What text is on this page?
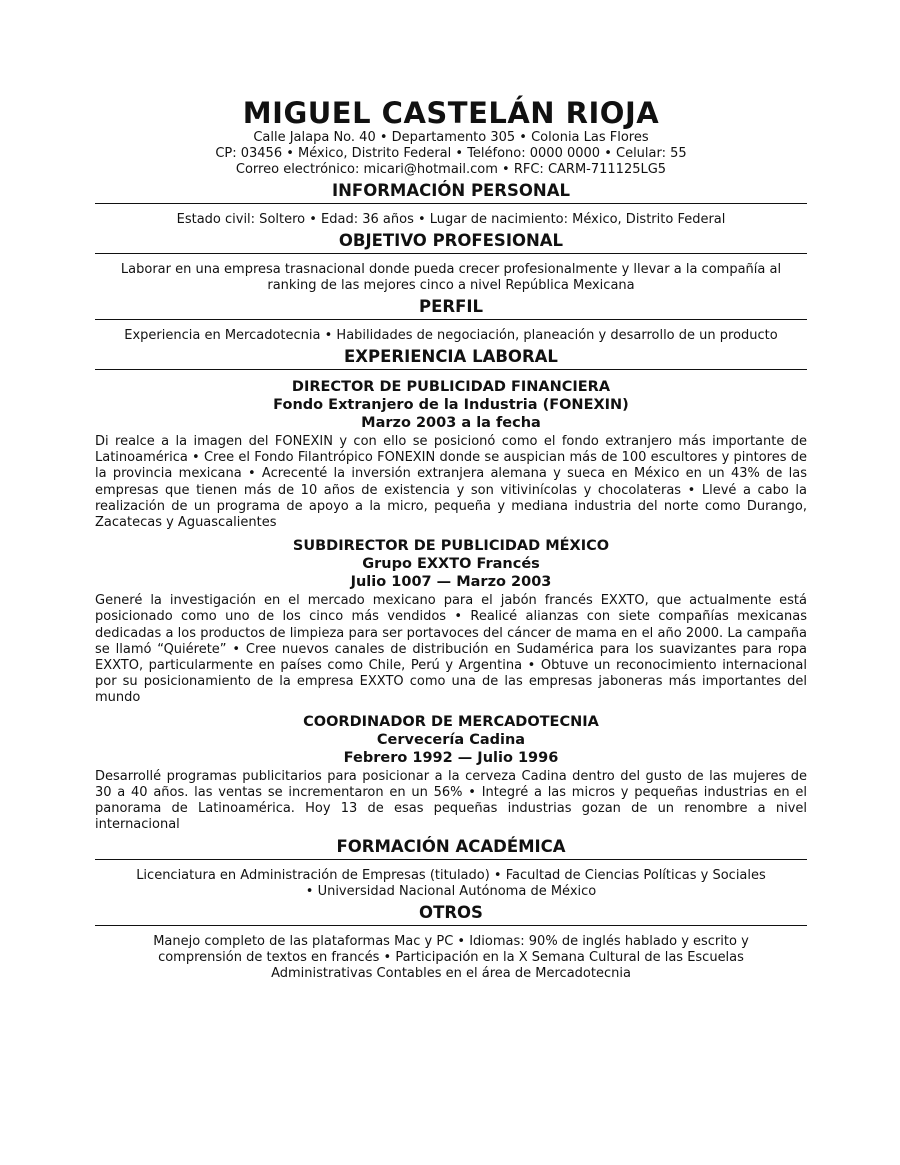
MIGUEL CASTELÁN RIOJA
Calle Jalapa No. 40 • Departamento 305 • Colonia Las Flores
CP: 03456 • México, Distrito Federal • Teléfono: 0000 0000 • Celular: 55
Correo electrónico: micari@hotmail.com • RFC: CARM-711125LG5
INFORMACIÓN PERSONAL
Estado civil: Soltero • Edad: 36 años • Lugar de nacimiento: México, Distrito Federal
OBJETIVO PROFESIONAL
Laborar en una empresa trasnacional donde pueda crecer profesionalmente y llevar a la compañía al
ranking de las mejores cinco a nivel República Mexicana
PERFIL
Experiencia en Mercadotecnia • Habilidades de negociación, planeación y desarrollo de un producto
EXPERIENCIA LABORAL
DIRECTOR DE PUBLICIDAD FINANCIERA
Fondo Extranjero de la Industria (FONEXIN)
Marzo 2003 a la fecha
Di realce a la imagen del FONEXIN y con ello se posicionó como el fondo extranjero más importante de Latinoamérica • Cree el Fondo Filantrópico FONEXIN donde se auspician más de 100 escultores y pintores de la provincia mexicana • Acrecenté la inversión extranjera alemana y sueca en México en un 43% de las empresas que tienen más de 10 años de existencia y son vitivinícolas y chocolateras • Llevé a cabo la realización de un programa de apoyo a la micro, pequeña y mediana industria del norte como Durango, Zacatecas y Aguascalientes
SUBDIRECTOR DE PUBLICIDAD MÉXICO
Grupo EXXTO Francés
Julio 1007 — Marzo 2003
Generé la investigación en el mercado mexicano para el jabón francés EXXTO, que actualmente está posicionado como uno de los cinco más vendidos • Realicé alianzas con siete compañías mexicanas dedicadas a los productos de limpieza para ser portavoces del cáncer de mama en el año 2000. La campaña se llamó “Quiérete” • Cree nuevos canales de distribución en Sudamérica para los suavizantes para ropa EXXTO, particularmente en países como Chile, Perú y Argentina • Obtuve un reconocimiento internacional por su posicionamiento de la empresa EXXTO como una de las empresas jaboneras más importantes del mundo
COORDINADOR DE MERCADOTECNIA
Cervecería Cadina
Febrero 1992 — Julio 1996
Desarrollé programas publicitarios para posicionar a la cerveza Cadina dentro del gusto de las mujeres de 30 a 40 años. las ventas se incrementaron en un 56% • Integré a las micros y pequeñas industrias en el panorama de Latinoamérica. Hoy 13 de esas pequeñas industrias gozan de un renombre a nivel internacional
FORMACIÓN ACADÉMICA
Licenciatura en Administración de Empresas (titulado) • Facultad de Ciencias Políticas y Sociales
• Universidad Nacional Autónoma de México
OTROS
Manejo completo de las plataformas Mac y PC • Idiomas: 90% de inglés hablado y escrito y
comprensión de textos en francés • Participación en la X Semana Cultural de las Escuelas
Administrativas Contables en el área de Mercadotecnia
